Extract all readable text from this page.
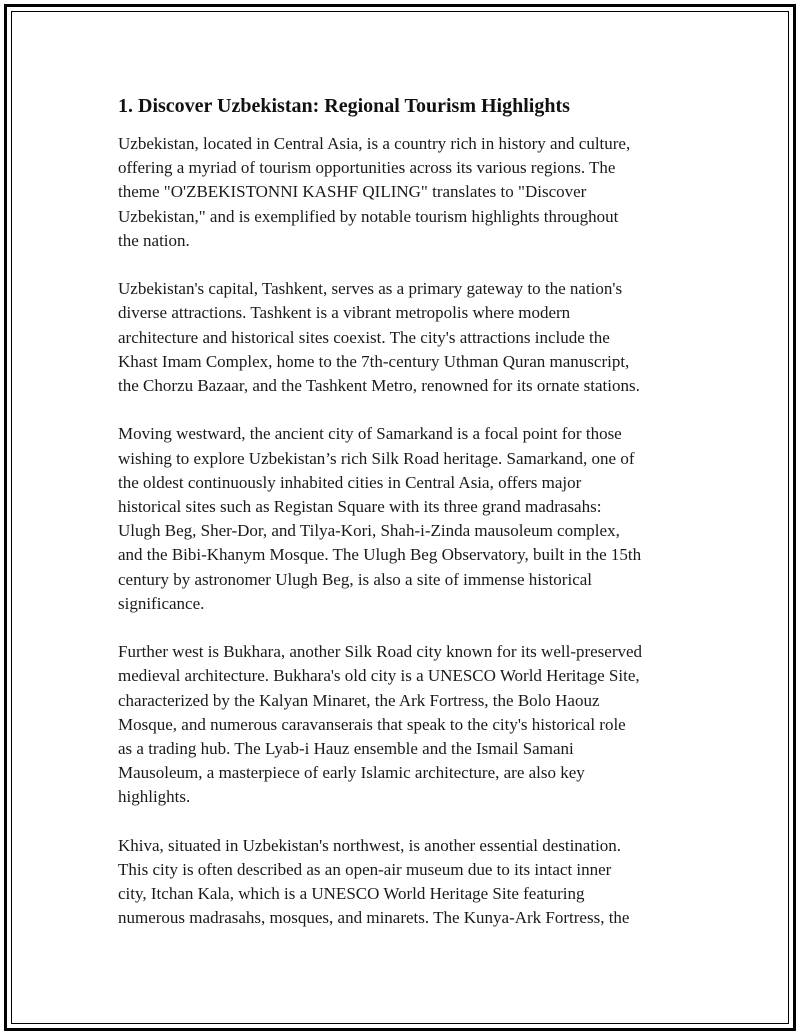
1. Discover Uzbekistan: Regional Tourism Highlights

Uzbekistan, located in Central Asia, is a country rich in history and culture,
offering a myriad of tourism opportunities across its various regions. The
theme "O'ZBEKISTONNI KASHF QILING" translates to "Discover
Uzbekistan," and is exemplified by notable tourism highlights throughout
the nation.

Uzbekistan's capital, Tashkent, serves as a primary gateway to the nation's
diverse attractions. Tashkent is a vibrant metropolis where modern
architecture and historical sites coexist. The city's attractions include the
Khast Imam Complex, home to the 7th-century Uthman Quran manuscript,
the Chorzu Bazaar, and the Tashkent Metro, renowned for its ornate stations.

Moving westward, the ancient city of Samarkand is a focal point for those
wishing to explore Uzbekistan’s rich Silk Road heritage. Samarkand, one of
the oldest continuously inhabited cities in Central Asia, offers major
historical sites such as Registan Square with its three grand madrasahs:
Ulugh Beg, Sher-Dor, and Tilya-Kori, Shah-i-Zinda mausoleum complex,
and the Bibi-Khanym Mosque. The Ulugh Beg Observatory, built in the 15th
century by astronomer Ulugh Beg, is also a site of immense historical
significance.

Further west is Bukhara, another Silk Road city known for its well-preserved
medieval architecture. Bukhara's old city is a UNESCO World Heritage Site,
characterized by the Kalyan Minaret, the Ark Fortress, the Bolo Haouz
Mosque, and numerous caravanserais that speak to the city's historical role
as a trading hub. The Lyab-i Hauz ensemble and the Ismail Samani
Mausoleum, a masterpiece of early Islamic architecture, are also key
highlights.

Khiva, situated in Uzbekistan's northwest, is another essential destination.
This city is often described as an open-air museum due to its intact inner
city, Itchan Kala, which is a UNESCO World Heritage Site featuring
numerous madrasahs, mosques, and minarets. The Kunya-Ark Fortress, the
